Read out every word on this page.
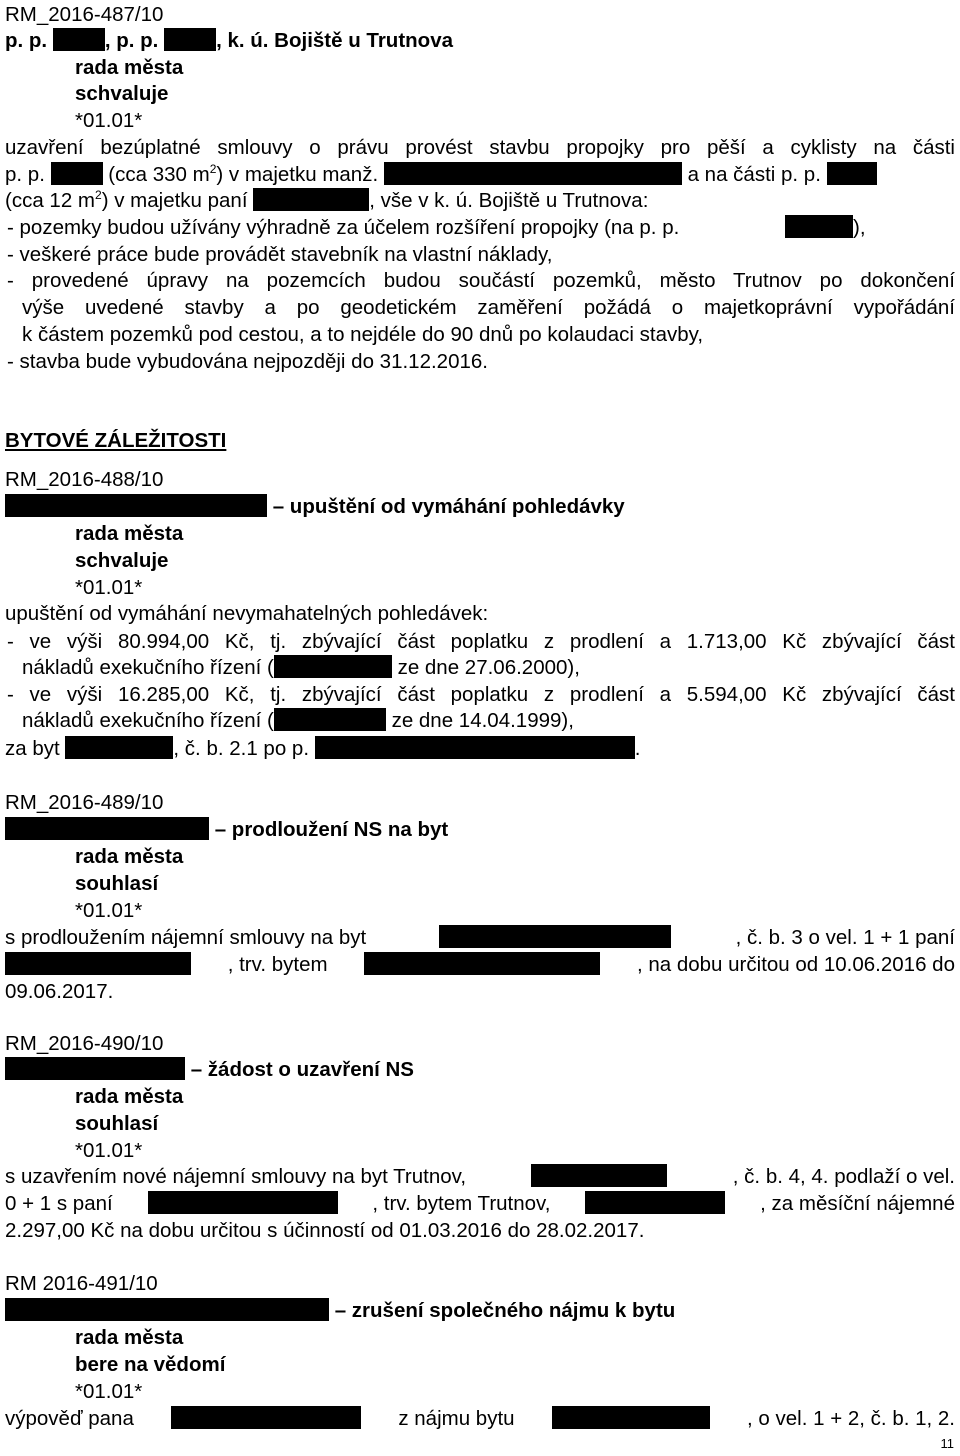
RM_2016-487/10
p. p.	, p. p.	, k. ú. Bojiště u Trutnova
rada města
schvaluje
*01.01*
uzavření bezúplatné smlouvy o právu provést stavbu propojky pro pěší a cyklisty na části
p. p.	(cca 330 $m^2$) v majetku manž.	a na části p. p.
(cca 12 $m^2$) v majetku paní	, vše v k. ú. Bojiště u Trutnova:
- pozemky budou užívány výhradně za účelem rozšíření propojky (na p. p.	),
- veškeré práce bude provádět stavebník na vlastní náklady,
- provedené úpravy na pozemcích budou součástí pozemků, město Trutnov po dokončení
výše uvedené stavby a po geodetickém zaměření požádá o majetkoprávní vypořádání
k částem pozemků pod cestou, a to nejdéle do 90 dnů po kolaudaci stavby,
- stavba bude vybudována nejpozději do 31.12.2016.
BYTOVÉ ZÁLEŽITOSTI
RM_2016-488/10
– upuštění od vymáhání pohledávky
rada města
schvaluje
*01.01*
upuštění od vymáhání nevymahatelných pohledávek:
- ve výši 80.994,00 Kč, tj. zbývající část poplatku z prodlení a 1.713,00 Kč zbývající část
nákladů exekučního řízení (	ze dne 27.06.2000),
- ve výši 16.285,00 Kč, tj. zbývající část poplatku z prodlení a 5.594,00 Kč zbývající část
nákladů exekučního řízení (	ze dne 14.04.1999),
za byt	, č. b. 2.1 po p.	.
RM_2016-489/10
– prodloužení NS na byt
rada města
souhlasí
*01.01*
s prodloužením nájemní smlouvy na byt	, č. b. 3 o vel. 1 + 1 paní
, trv. bytem	, na dobu určitou od 10.06.2016 do
09.06.2017.
RM_2016-490/10
– žádost o uzavření NS
rada města
souhlasí
*01.01*
s uzavřením nové nájemní smlouvy na byt Trutnov,	, č. b. 4, 4. podlaží o vel.
0 + 1 s paní	, trv. bytem Trutnov,	, za měsíční nájemné
2.297,00 Kč na dobu určitou s účinností od 01.03.2016 do 28.02.2017.
RM 2016-491/10
– zrušení společného nájmu k bytu
rada města
bere na vědomí
*01.01*
výpověď pana	z nájmu bytu	, o vel. 1 + 2, č. b. 1, 2.
11
